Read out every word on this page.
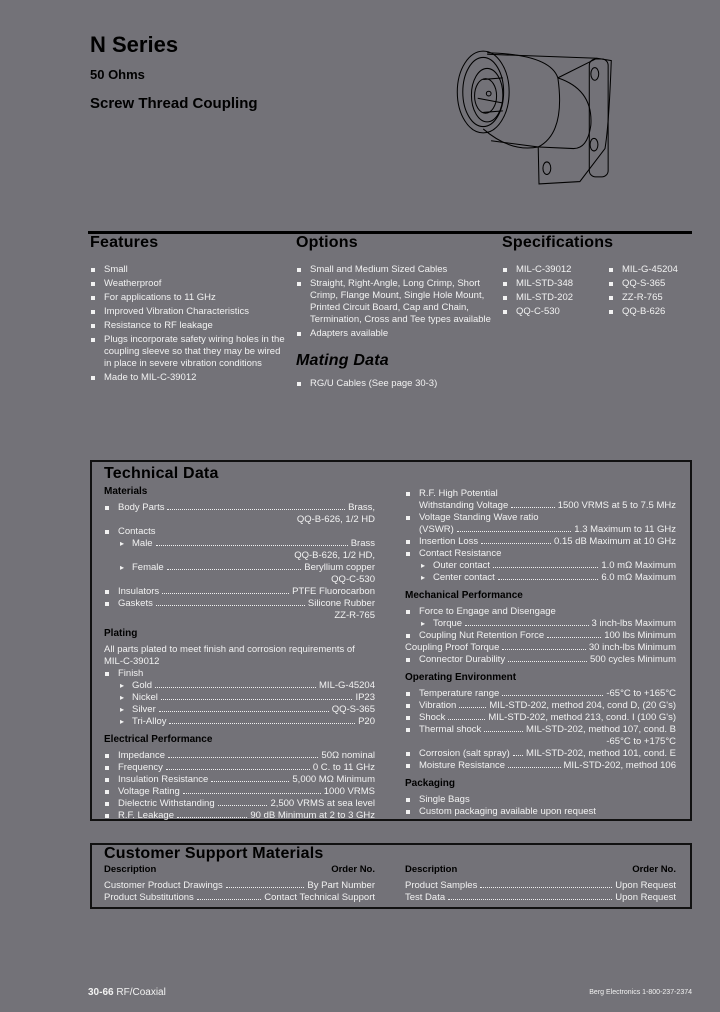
N Series
50 Ohms
Screw Thread Coupling
Features
Small
Weatherproof
For applications to 11 GHz
Improved Vibration Characteristics
Resistance to RF leakage
Plugs incorporate safety wiring holes in the coupling sleeve so that they may be wired in place in severe vibration conditions
Made to MIL-C-39012
Options
Small and Medium Sized Cables
Straight, Right-Angle, Long Crimp, Short Crimp, Flange Mount, Single Hole Mount, Printed Circuit Board, Cap and Chain, Termination, Cross and Tee types available
Adapters available
Mating Data
RG/U Cables (See page 30-3)
Specifications
MIL-C-39012
MIL-STD-348
MIL-STD-202
QQ-C-530
MIL-G-45204
QQ-S-365
ZZ-R-765
QQ-B-626
Technical Data
Materials
Body Parts	Brass,
QQ-B-626, 1/2 HD
Contacts
▸ Male	Brass
QQ-B-626, 1/2 HD,
▸ Female	Beryllium copper
QQ-C-530
Insulators	PTFE Fluorocarbon
Gaskets	Silicone Rubber
ZZ-R-765
Plating
All parts plated to meet finish and corrosion requirements of MIL-C-39012
Finish
▸ Gold	MIL-G-45204
▸ Nickel	IP23
▸ Silver	QQ-S-365
▸ Tri-Alloy	P20
Electrical Performance
Impedance	50Ω nominal
Frequency	0 C. to 11 GHz
Insulation Resistance	5,000 MΩ Minimum
Voltage Rating	1000 VRMS
Dielectric Withstanding	2,500 VRMS at sea level
R.F. Leakage	90 dB Minimum at 2 to 3 GHz
R.F. High Potential
Withstanding Voltage	1500 VRMS at 5 to 7.5 MHz
Voltage Standing Wave ratio
(VSWR)	1.3 Maximum to 11 GHz
Insertion Loss	0.15 dB Maximum at 10 GHz
Contact Resistance
▸ Outer contact	1.0 mΩ Maximum
▸ Center contact	6.0 mΩ Maximum
Mechanical Performance
Force to Engage and Disengage
▸ Torque	3 inch-lbs Maximum
Coupling Nut Retention Force	100 lbs Minimum
Coupling Proof Torque	30 inch-lbs Minimum
Connector Durability	500 cycles Minimum
Operating Environment
Temperature range	-65°C to +165°C
Vibration	MIL-STD-202, method 204, cond D, (20 G's)
Shock	MIL-STD-202, method 213, cond. I (100 G's)
Thermal shock	MIL-STD-202, method 107, cond. B
-65°C to +175°C
Corrosion (salt spray) MIL-STD-202, method 101, cond. E
Moisture Resistance	MIL-STD-202, method 106
Packaging
Single Bags
Custom packaging available upon request
Customer Support Materials
Description	Order No.
Customer Product Drawings	By Part Number
Product Substitutions	Contact Technical Support
Description	Order No.
Product Samples	Upon Request
Test Data	Upon Request
30-66 RF/Coaxial	Berg Electronics 1-800-237-2374
